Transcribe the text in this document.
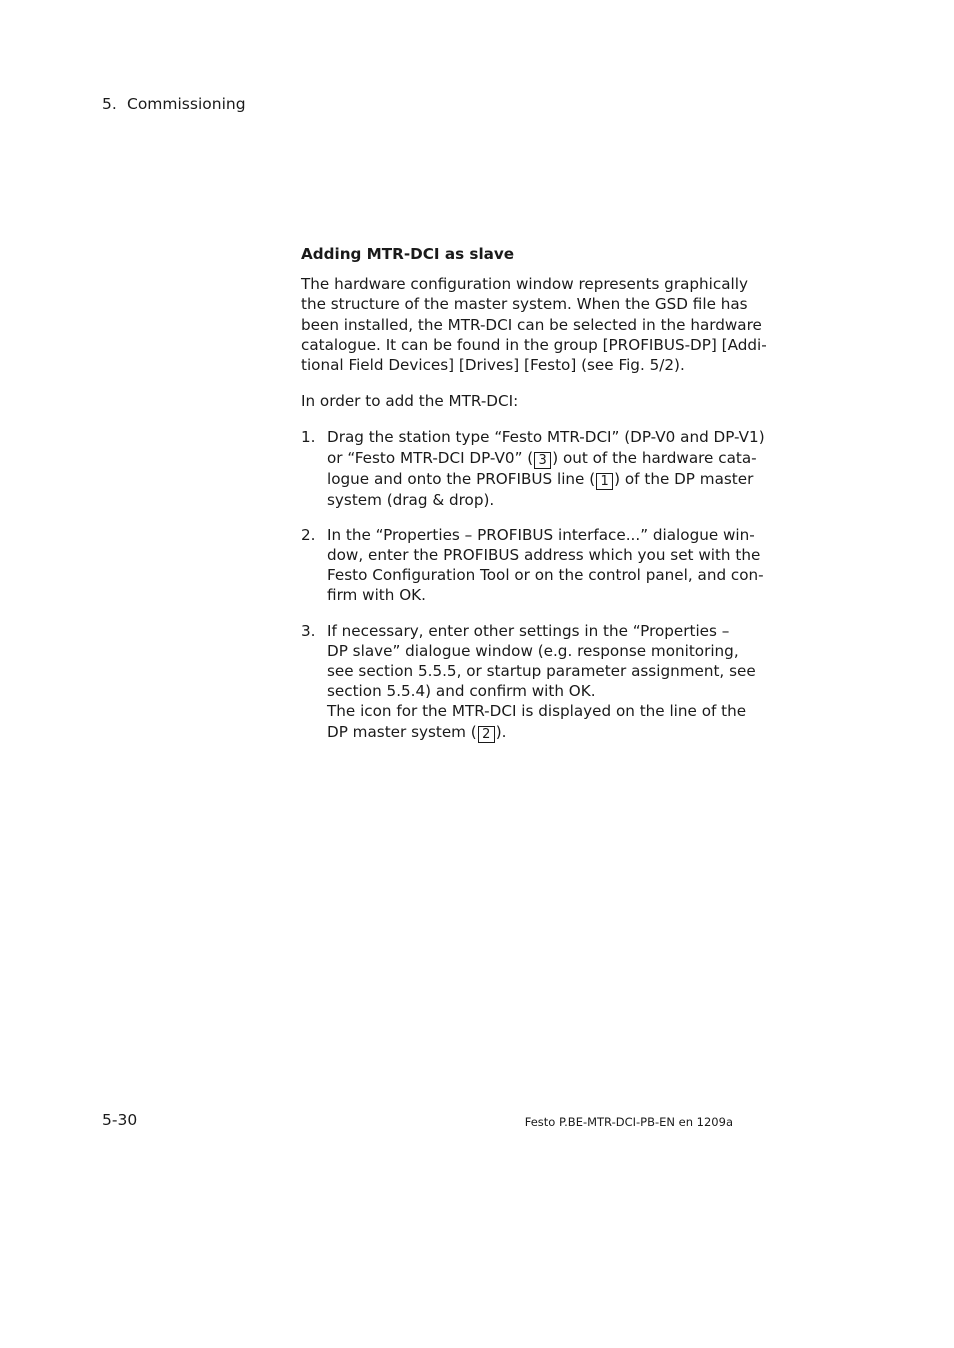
5. Commissioning
Adding MTR-DCI as slave
The hardware configuration window represents graphically
the structure of the master system. When the GSD file has
been installed, the MTR-DCI can be selected in the hardware
catalogue. It can be found in the group [PROFIBUS-DP] [Addi-
tional Field Devices] [Drives] [Festo] (see Fig. 5/2).
In order to add the MTR-DCI:
1. Drag the station type “Festo MTR-DCI” (DP-V0 and DP-V1)
or “Festo MTR-DCI DP-V0” ( 3 ) out of the hardware cata-
logue and onto the PROFIBUS line ( 1 ) of the DP master
system (drag & drop).
2. In the “Properties – PROFIBUS interface...” dialogue win-
dow, enter the PROFIBUS address which you set with the
Festo Configuration Tool or on the control panel, and con-
firm with OK.
3. If necessary, enter other settings in the “Properties –
DP slave” dialogue window (e.g. response monitoring,
see section 5.5.5, or startup parameter assignment, see
section 5.5.4) and confirm with OK.
The icon for the MTR-DCI is displayed on the line of the
DP master system ( 2 ).
5-30	Festo P.BE-MTR-DCI-PB-EN en 1209a
